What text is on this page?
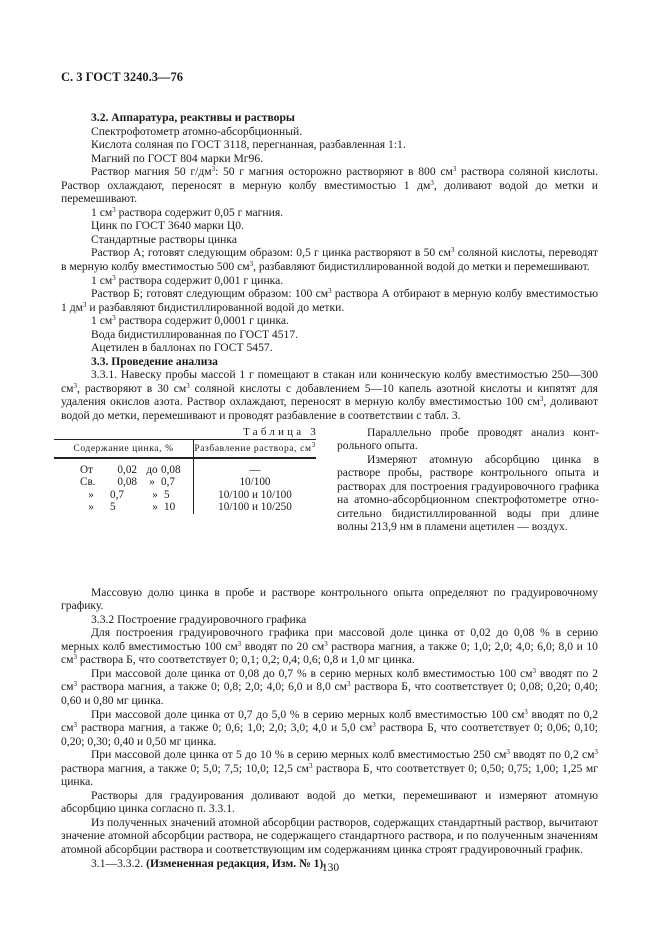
С. 3 ГОСТ 3240.3—76

3.2. Аппаратура, реактивы и растворы

Спектрофотометр атомно-абсорбционный.

Кислота соляная по ГОСТ 3118, перегнанная, разбавленная 1:1.

Магний по ГОСТ 804 марки Мг96.

Раствор магния 50 $г/дм^3$: 50 г магния осторожно растворяют в 800 $см^3$ раствора соляной кислоты. Раствор охлаждают, переносят в мерную колбу вместимостью 1 $дм^3$, доливают водой до метки и перемешивают.

1 $см^3$ раствора содержит 0,05 г магния.

Цинк по ГОСТ 3640 марки Ц0.

Стандартные растворы цинка

Раствор А; готовят следующим образом: 0,5 г цинка растворяют в 50 $см^3$ соляной кислоты, переводят в мерную колбу вместимостью 500 $см^3$, разбавляют бидистиллированной водой до метки и перемешивают.

1 $см^3$ раствора содержит 0,001 г цинка.

Раствор Б; готовят следующим образом: 100 $см^3$ раствора А отбирают в мерную колбу вместимостью 1 $дм^3$ и разбавляют бидистиллированной водой до метки.

1 $см^3$ раствора содержит 0,0001 г цинка.

Вода бидистиллированная по ГОСТ 4517.

Ацетилен в баллонах по ГОСТ 5457.

3.3. Проведение анализа

3.3.1. Навеску пробы массой 1 г помещают в стакан или коническую колбу вместимостью 250—300 $см^3$, растворяют в 30 $см^3$ соляной кислоты с добавлением 5—10 капель азотной кислоты и кипятят для удаления окислов азота. Раствор охлаждают, переносят в мерную колбу вместимостью 100 $см^3$, доливают водой до метки, перемешивают и проводят разбавление в соответствии с табл. 3.

Таблица 3
Содержание цинка, %	Разбавление раствора, $см^3$
От 0,02 до 0,08	—
Св. 0,08 » 0,7	10/100
» 0,7 » 5	10/100 и 10/100
» 5 » 10	10/100 и 10/250

Параллельно пробе проводят анализ контрольного опыта.

Измеряют атомную абсорбцию цинка в растворе пробы, растворе контрольного опыта и растворах для построения градуировочного графика на атомно-абсорбционном спектрофотометре относительно бидистиллированной воды при длине волны 213,9 нм в пламени ацетилен — воздух.

Массовую долю цинка в пробе и растворе контрольного опыта определяют по градуировочному графику.

3.3.2 Построение градуировочного графика

Для построения градуировочного графика при массовой доле цинка от 0,02 до 0,08 % в серию мерных колб вместимостью 100 $см^3$ вводят по 20 $см^3$ раствора магния, а также 0; 1,0; 2,0; 4,0; 6,0; 8,0 и 10 $см^3$ раствора Б, что соответствует 0; 0,1; 0,2; 0,4; 0,6; 0,8 и 1,0 мг цинка.

При массовой доле цинка от 0,08 до 0,7 % в серию мерных колб вместимостью 100 $см^3$ вводят по 2 $см^3$ раствора магния, а также 0; 0,8; 2,0; 4,0; 6,0 и 8,0 $см^3$ раствора Б, что соответствует 0; 0,08; 0,20; 0,40; 0,60 и 0,80 мг цинка.

При массовой доле цинка от 0,7 до 5,0 % в серию мерных колб вместимостью 100 $см^3$ вводят по 0,2 $см^3$ раствора магния, а также 0; 0,6; 1,0; 2,0; 3,0; 4,0 и 5,0 $см^3$ раствора Б, что соответствует 0; 0,06; 0,10; 0,20; 0,30; 0,40 и 0,50 мг цинка.

При массовой доле цинка от 5 до 10 % в серию мерных колб вместимостью 250 $см^3$ вводят по 0,2 $см^3$ раствора магния, а также 0; 5,0; 7,5; 10,0; 12,5 $см^3$ раствора Б, что соответствует 0; 0,50; 0,75; 1,00; 1,25 мг цинка.

Растворы для градуирования доливают водой до метки, перемешивают и измеряют атомную абсорбцию цинка согласно п. 3.3.1.

Из полученных значений атомной абсорбции растворов, содержащих стандартный раствор, вычитают значение атомной абсорбции раствора, не содержащего стандартного раствора, и по полученным значениям атомной абсорбции раствора и соответствующим им содержаниям цинка строят градуировочный график.

3.1—3.3.2. (Измененная редакция, Изм. № 1).

130
